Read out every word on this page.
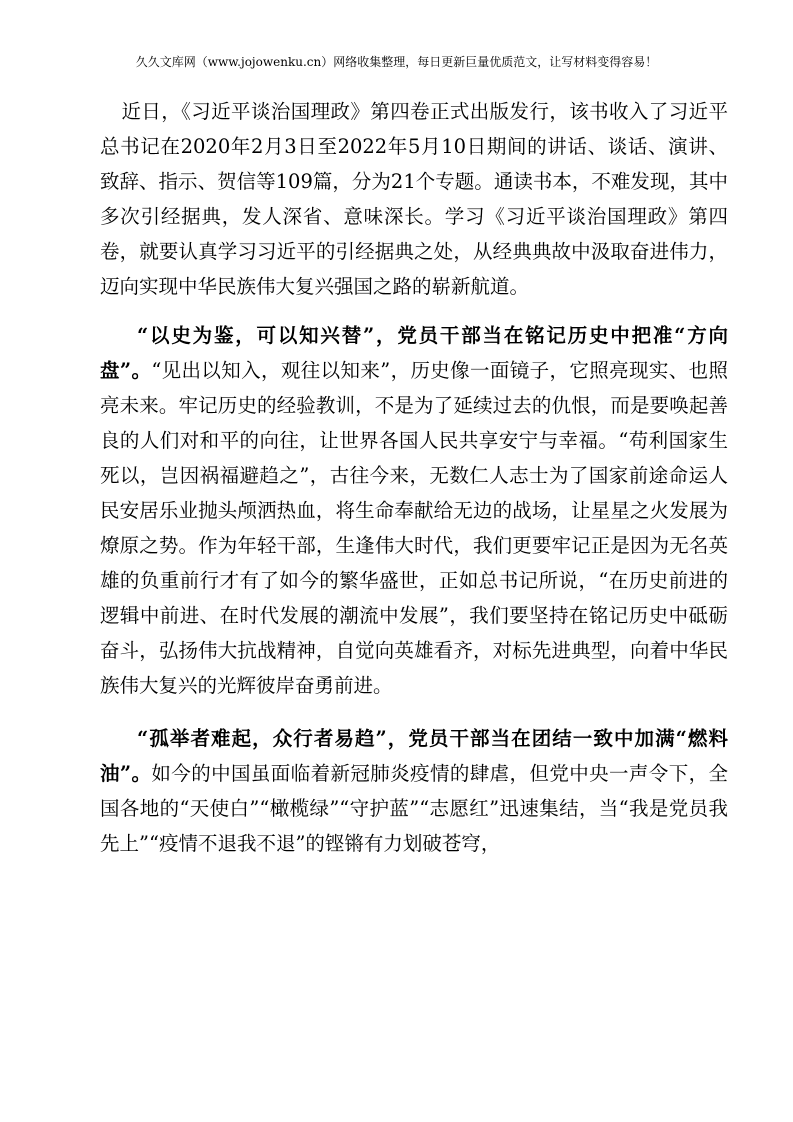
久久文库网（www.jojowenku.cn）网络收集整理，每日更新巨量优质范文，让写材料变得容易！

近日，《习近平谈治国理政》第四卷正式出版发行，该书收入了习近平总书记在2020年2月3日至2022年5月10日期间的讲话、谈话、演讲、致辞、指示、贺信等109篇，分为21个专题。通读书本，不难发现，其中多次引经据典，发人深省、意味深长。学习《习近平谈治国理政》第四卷，就要认真学习习近平的引经据典之处，从经典典故中汲取奋进伟力，迈向实现中华民族伟大复兴强国之路的崭新航道。

“以史为鉴，可以知兴替”，党员干部当在铭记历史中把准“方向盘”。“见出以知入，观往以知来”，历史像一面镜子，它照亮现实、也照亮未来。牢记历史的经验教训，不是为了延续过去的仇恨，而是要唤起善良的人们对和平的向往，让世界各国人民共享安宁与幸福。“苟利国家生死以，岂因祸福避趋之”，古往今来，无数仁人志士为了国家前途命运人民安居乐业抛头颅洒热血，将生命奉献给无边的战场，让星星之火发展为燎原之势。作为年轻干部，生逢伟大时代，我们更要牢记正是因为无名英雄的负重前行才有了如今的繁华盛世，正如总书记所说，“在历史前进的逻辑中前进、在时代发展的潮流中发展”，我们要坚持在铭记历史中砥砺奋斗，弘扬伟大抗战精神，自觉向英雄看齐，对标先进典型，向着中华民族伟大复兴的光辉彼岸奋勇前进。

“孤举者难起，众行者易趋”，党员干部当在团结一致中加满“燃料油”。如今的中国虽面临着新冠肺炎疫情的肆虐，但党中央一声令下，全国各地的“天使白”“橄榄绿”“守护蓝”“志愿红”迅速集结，当“我是党员我先上”“疫情不退我不退”的铿锵有力划破苍穹，
